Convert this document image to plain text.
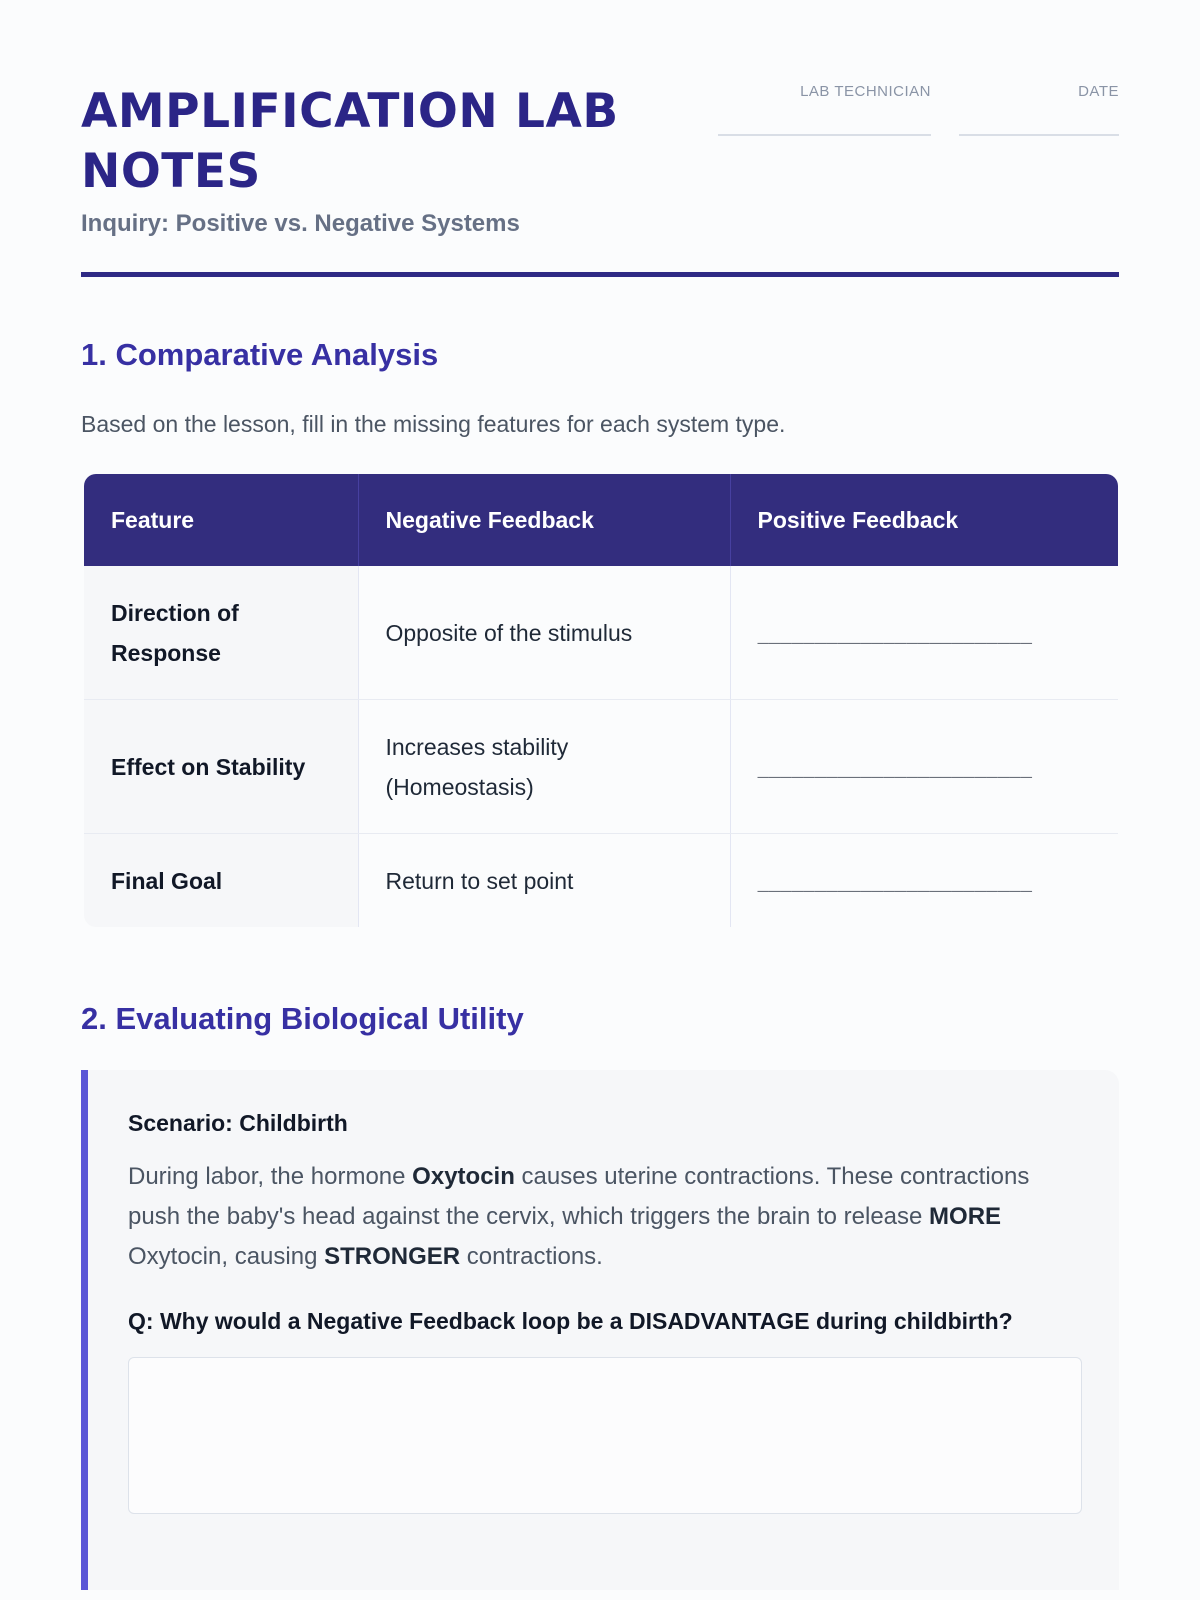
AMPLIFICATION LAB NOTES
Inquiry: Positive vs. Negative Systems
LAB TECHNICIAN	DATE
1. Comparative Analysis
Based on the lesson, fill in the missing features for each system type.
Feature	Negative Feedback	Positive Feedback
Direction of Response	Opposite of the stimulus	________________________
Effect on Stability	Increases stability (Homeostasis)	________________________
Final Goal	Return to set point	________________________
2. Evaluating Biological Utility
Scenario: Childbirth
During labor, the hormone Oxytocin causes uterine contractions. These contractions push the baby's head against the cervix, which triggers the brain to release MORE Oxytocin, causing STRONGER contractions.
Q: Why would a Negative Feedback loop be a DISADVANTAGE during childbirth?
